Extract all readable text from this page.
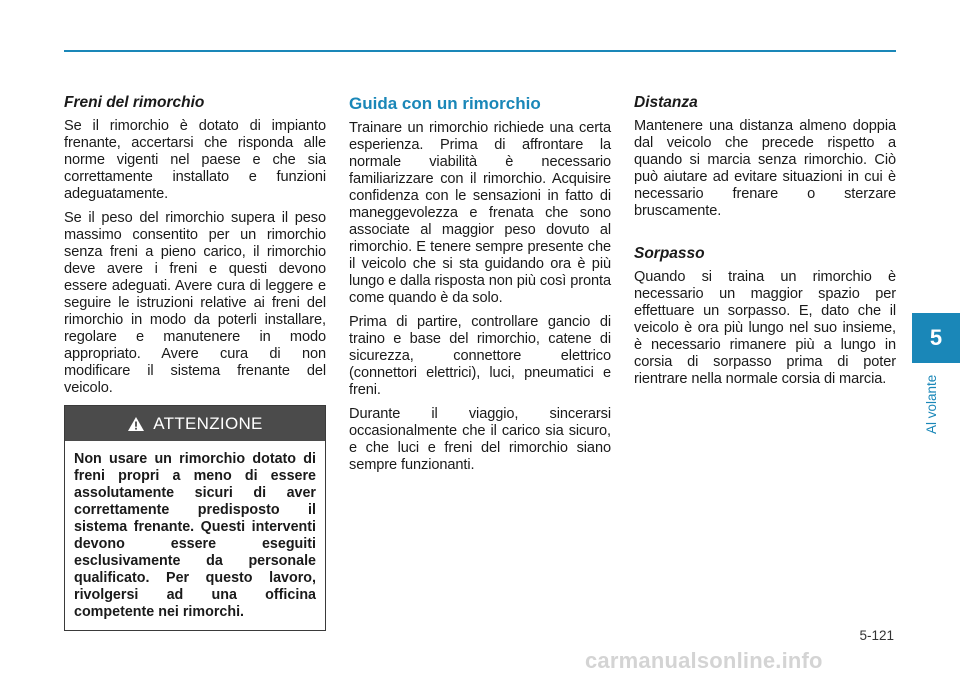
Freni del rimorchio

Se il rimorchio è dotato di impianto frenante, accertarsi che risponda alle norme vigenti nel paese e che sia correttamente installato e funzioni adeguatamente.

Se il peso del rimorchio supera il peso massimo consentito per un rimorchio senza freni a pieno carico, il rimorchio deve avere i freni e questi devono essere adeguati. Avere cura di leggere e seguire le istruzioni relative ai freni del rimorchio in modo da poterli installare, regolare e manutenere in modo appropriato. Avere cura di non modificare il sistema frenante del veicolo.

ATTENZIONE
Non usare un rimorchio dotato di freni propri a meno di essere assolutamente sicuri di aver correttamente predisposto il sistema frenante. Questi interventi devono essere eseguiti esclusivamente da personale qualificato. Per questo lavoro, rivolgersi ad una officina competente nei rimorchi.
Guida con un rimorchio

Trainare un rimorchio richiede una certa esperienza. Prima di affrontare la normale viabilità è necessario familiarizzare con il rimorchio. Acquisire confidenza con le sensazioni in fatto di maneggevolezza e frenata che sono associate al maggior peso dovuto al rimorchio. E tenere sempre presente che il veicolo che si sta guidando ora è più lungo e dalla risposta non più così pronta come quando è da solo.

Prima di partire, controllare gancio di traino e base del rimorchio, catene di sicurezza, connettore elettrico (connettori elettrici), luci, pneumatici e freni.

Durante il viaggio, sincerarsi occasionalmente che il carico sia sicuro, e che luci e freni del rimorchio siano sempre funzionanti.

Distanza

Mantenere una distanza almeno doppia dal veicolo che precede rispetto a quando si marcia senza rimorchio. Ciò può aiutare ad evitare situazioni in cui è necessario frenare o sterzare bruscamente.

Sorpasso

Quando si traina un rimorchio è necessario un maggior spazio per effettuare un sorpasso. E, dato che il veicolo è ora più lungo nel suo insieme, è necessario rimanere più a lungo in corsia di sorpasso prima di poter rientrare nella normale corsia di marcia.

5
Al volante
5-121
carmanualsonline.info
